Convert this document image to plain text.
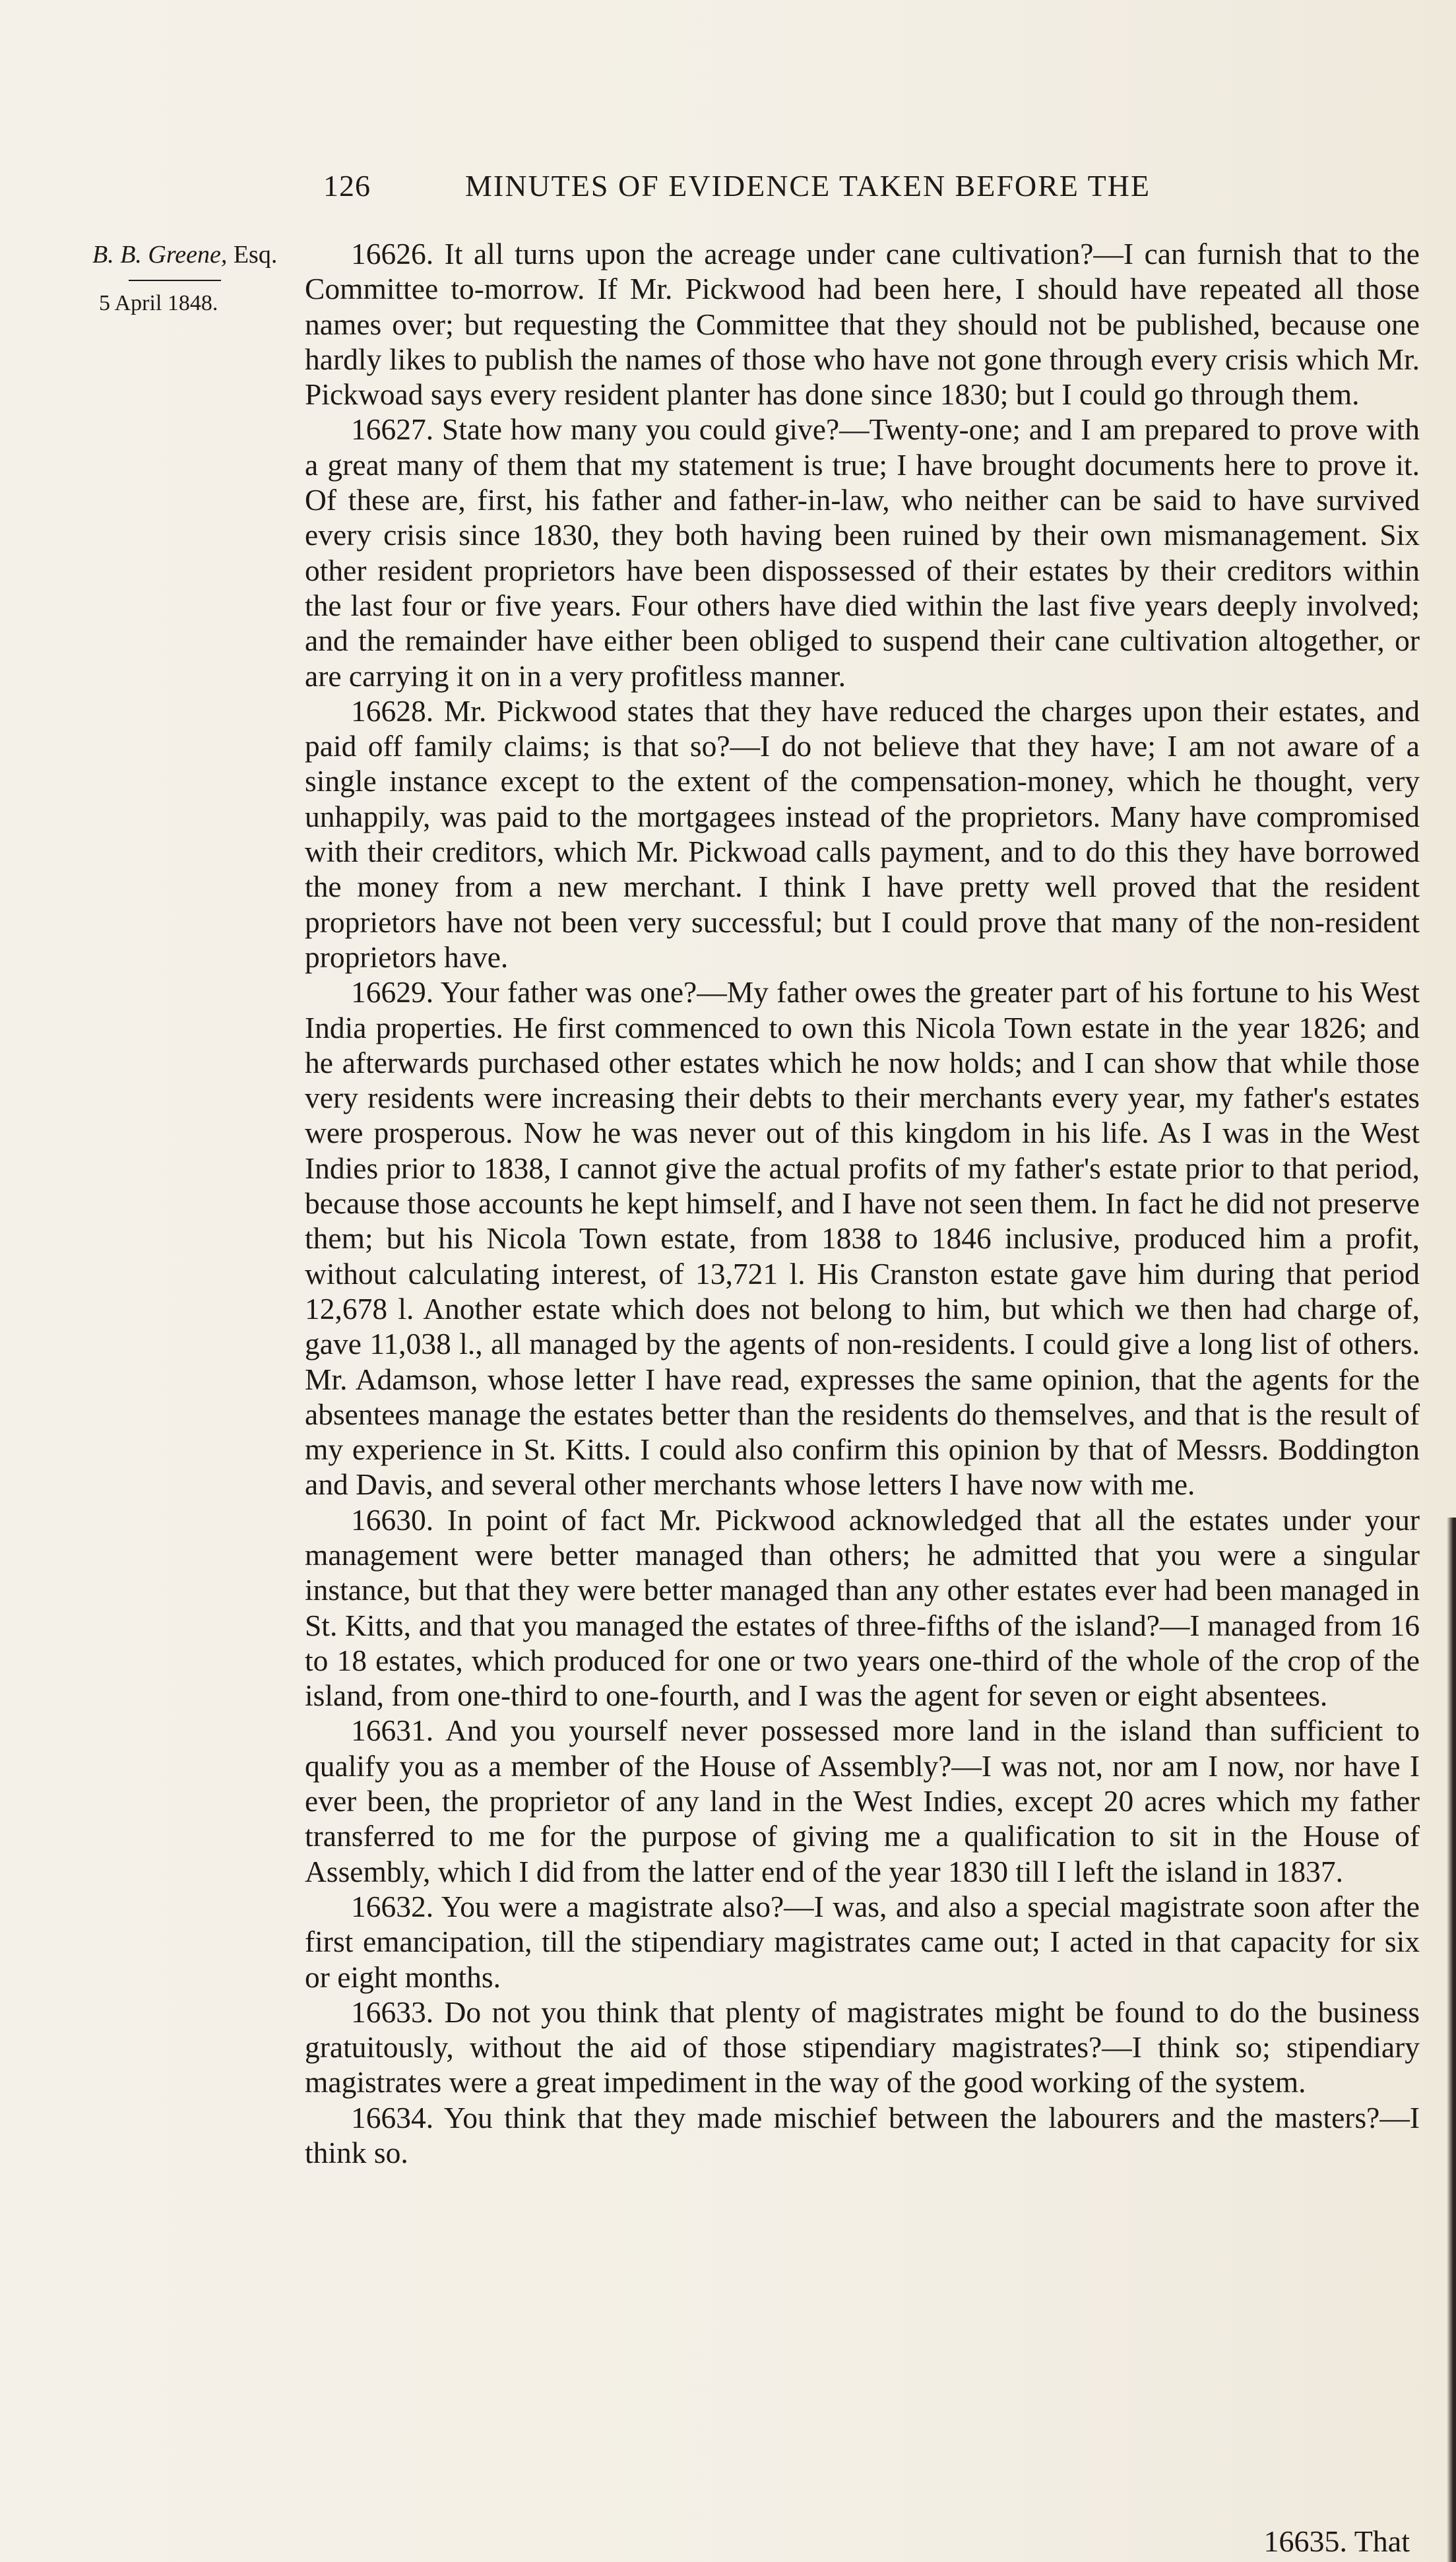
126	MINUTES OF EVIDENCE TAKEN BEFORE THE
B. B. Greene, Esq.
5 April 1848.

16626. It all turns upon the acreage under cane cultivation?—I can furnish that to the Committee to-morrow. If Mr. Pickwood had been here, I should have repeated all those names over; but requesting the Committee that they should not be published, because one hardly likes to publish the names of those who have not gone through every crisis which Mr. Pickwoad says every resident planter has done since 1830; but I could go through them.

16627. State how many you could give?—Twenty-one; and I am prepared to prove with a great many of them that my statement is true; I have brought documents here to prove it. Of these are, first, his father and father-in-law, who neither can be said to have survived every crisis since 1830, they both having been ruined by their own mismanagement. Six other resident proprietors have been dispossessed of their estates by their creditors within the last four or five years. Four others have died within the last five years deeply involved; and the remainder have either been obliged to suspend their cane cultivation altogether, or are carrying it on in a very profitless manner.

16628. Mr. Pickwood states that they have reduced the charges upon their estates, and paid off family claims; is that so?—I do not believe that they have; I am not aware of a single instance except to the extent of the compensation-money, which he thought, very unhappily, was paid to the mortgagees instead of the proprietors. Many have compromised with their creditors, which Mr. Pickwoad calls payment, and to do this they have borrowed the money from a new merchant. I think I have pretty well proved that the resident proprietors have not been very successful; but I could prove that many of the non-resident proprietors have.

16629. Your father was one?—My father owes the greater part of his fortune to his West India properties. He first commenced to own this Nicola Town estate in the year 1826; and he afterwards purchased other estates which he now holds; and I can show that while those very residents were increasing their debts to their merchants every year, my father's estates were prosperous. Now he was never out of this kingdom in his life. As I was in the West Indies prior to 1838, I cannot give the actual profits of my father's estate prior to that period, because those accounts he kept himself, and I have not seen them. In fact he did not preserve them; but his Nicola Town estate, from 1838 to 1846 inclusive, produced him a profit, without calculating interest, of 13,721 l. His Cranston estate gave him during that period 12,678 l. Another estate which does not belong to him, but which we then had charge of, gave 11,038 l., all managed by the agents of non-residents. I could give a long list of others. Mr. Adamson, whose letter I have read, expresses the same opinion, that the agents for the absentees manage the estates better than the residents do themselves, and that is the result of my experience in St. Kitts. I could also confirm this opinion by that of Messrs. Boddington and Davis, and several other merchants whose letters I have now with me.

16630. In point of fact Mr. Pickwood acknowledged that all the estates under your management were better managed than others; he admitted that you were a singular instance, but that they were better managed than any other estates ever had been managed in St. Kitts, and that you managed the estates of three-fifths of the island?—I managed from 16 to 18 estates, which produced for one or two years one-third of the whole of the crop of the island, from one-third to one-fourth, and I was the agent for seven or eight absentees.

16631. And you yourself never possessed more land in the island than sufficient to qualify you as a member of the House of Assembly?—I was not, nor am I now, nor have I ever been, the proprietor of any land in the West Indies, except 20 acres which my father transferred to me for the purpose of giving me a qualification to sit in the House of Assembly, which I did from the latter end of the year 1830 till I left the island in 1837.

16632. You were a magistrate also?—I was, and also a special magistrate soon after the first emancipation, till the stipendiary magistrates came out; I acted in that capacity for six or eight months.

16633. Do not you think that plenty of magistrates might be found to do the business gratuitously, without the aid of those stipendiary magistrates?—I think so; stipendiary magistrates were a great impediment in the way of the good working of the system.

16634. You think that they made mischief between the labourers and the masters?—I think so.

16635. That
